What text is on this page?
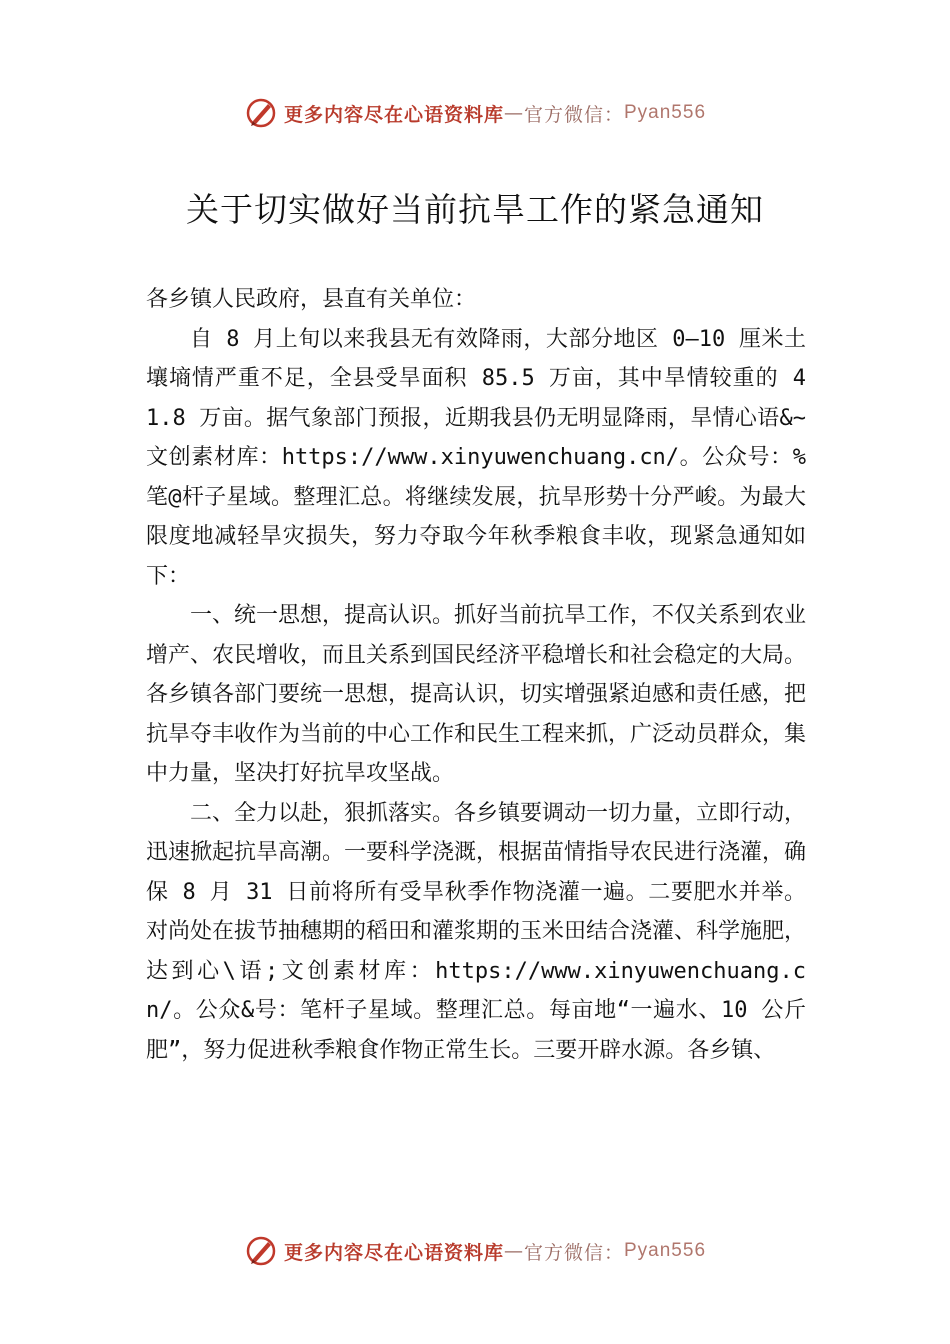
更多内容尽在心语资料库 — 官方微信： Pyan556
关于切实做好当前抗旱工作的紧急通知

各乡镇人民政府，县直有关单位：

自 8 月上旬以来我县无有效降雨，大部分地区 0—10 厘米土壤墒情严重不足，全县受旱面积 85.5 万亩，其中旱情较重的 41.8 万亩。据气象部门预报，近期我县仍无明显降雨，旱情心语&~文创素材库：https://www.xinyuwenchuang.cn/。公众号：%笔@杆子星域。整理汇总。将继续发展，抗旱形势十分严峻。为最大限度地减轻旱灾损失，努力夺取今年秋季粮食丰收，现紧急通知如下：

一、统一思想，提高认识。抓好当前抗旱工作，不仅关系到农业增产、农民增收，而且关系到国民经济平稳增长和社会稳定的大局。各乡镇各部门要统一思想，提高认识，切实增强紧迫感和责任感，把抗旱夺丰收作为当前的中心工作和民生工程来抓，广泛动员群众，集中力量，坚决打好抗旱攻坚战。

二、全力以赴，狠抓落实。各乡镇要调动一切力量，立即行动，迅速掀起抗旱高潮。一要科学浇溉，根据苗情指导农民进行浇灌，确保 8 月 31 日前将所有受旱秋季作物浇灌一遍。二要肥水并举。对尚处在拔节抽穗期的稻田和灌浆期的玉米田结合浇灌、科学施肥，达到心\语;文创素材库：https://www.xinyuwenchuang.cn/。公众&号：笔杆子星域。整理汇总。每亩地“一遍水、10 公斤肥”，努力促进秋季粮食作物正常生长。三要开辟水源。各乡镇、

更多内容尽在心语资料库 — 官方微信： Pyan556
